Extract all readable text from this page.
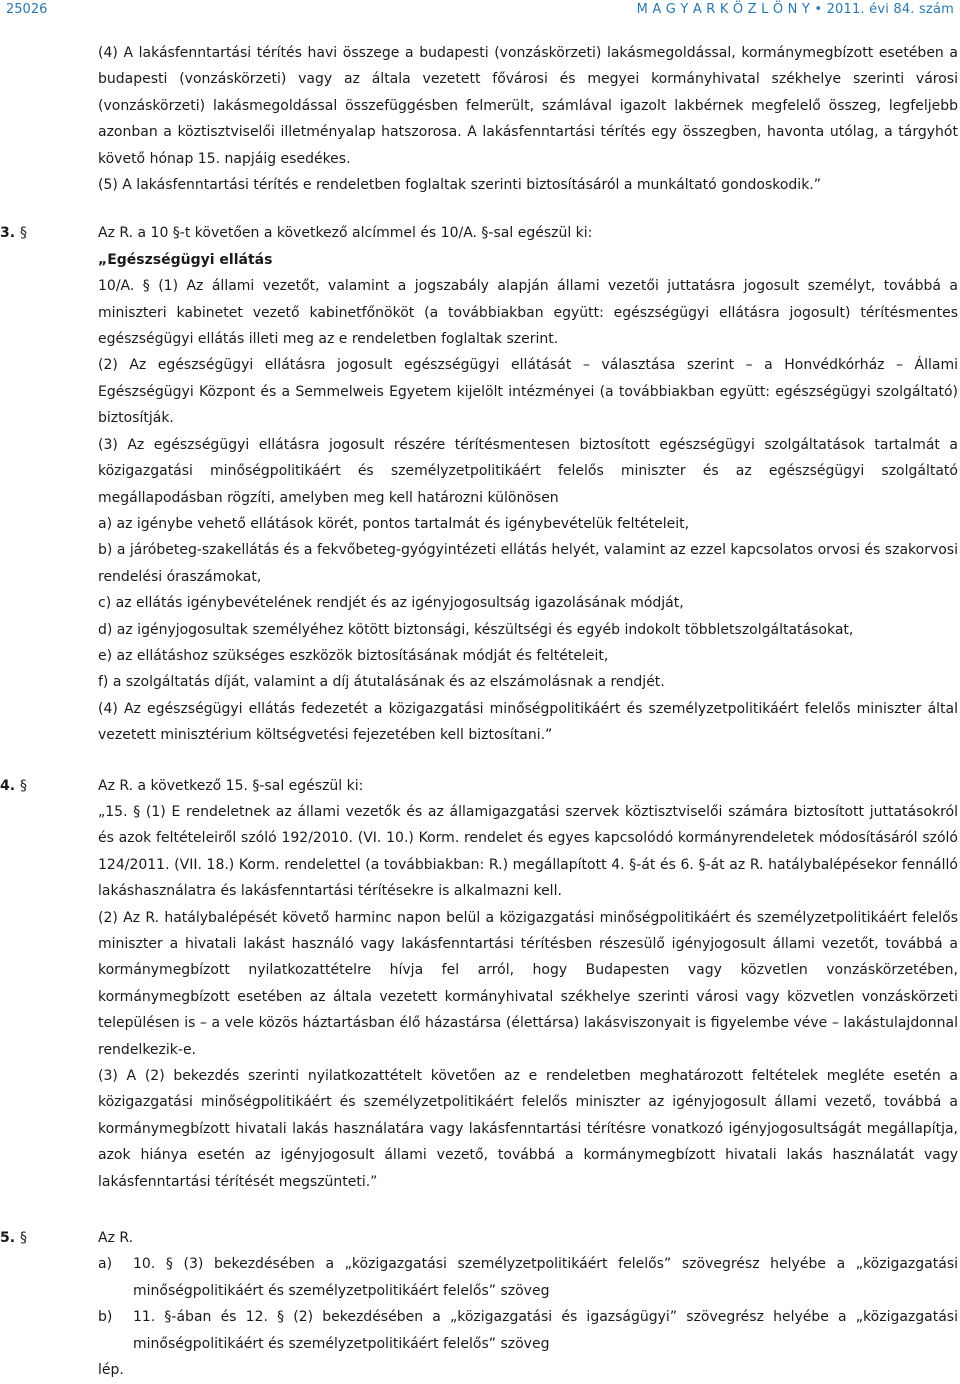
25026	M A G Y A R K Ö Z L Ö N Y • 2011. évi 84. szám

(4) A lakásfenntartási térítés havi összege a budapesti (vonzáskörzeti) lakásmegoldással, kormánymegbízott esetében a budapesti (vonzáskörzeti) vagy az általa vezetett fővárosi és megyei kormányhivatal székhelye szerinti városi (vonzáskörzeti) lakásmegoldással összefüggésben felmerült, számlával igazolt lakbérnek megfelelő összeg, legfeljebb azonban a köztisztviselői illetményalap hatszorosa. A lakásfenntartási térítés egy összegben, havonta utólag, a tárgyhót követő hónap 15. napjáig esedékes.

(5) A lakásfenntartási térítés e rendeletben foglaltak szerinti biztosításáról a munkáltató gondoskodik.”

3. §	Az R. a 10 §-t követően a következő alcímmel és 10/A. §-sal egészül ki:

„Egészségügyi ellátás

10/A. § (1) Az állami vezetőt, valamint a jogszabály alapján állami vezetői juttatásra jogosult személyt, továbbá a miniszteri kabinetet vezető kabinetfőnököt (a továbbiakban együtt: egészségügyi ellátásra jogosult) térítésmentes egészségügyi ellátás illeti meg az e rendeletben foglaltak szerint.

(2) Az egészségügyi ellátásra jogosult egészségügyi ellátását – választása szerint – a Honvédkórház – Állami Egészségügyi Központ és a Semmelweis Egyetem kijelölt intézményei (a továbbiakban együtt: egészségügyi szolgáltató) biztosítják.

(3) Az egészségügyi ellátásra jogosult részére térítésmentesen biztosított egészségügyi szolgáltatások tartalmát a közigazgatási minőségpolitikáért és személyzetpolitikáért felelős miniszter és az egészségügyi szolgáltató megállapodásban rögzíti, amelyben meg kell határozni különösen

a) az igénybe vehető ellátások körét, pontos tartalmát és igénybevételük feltételeit,

b) a járóbeteg-szakellátás és a fekvőbeteg-gyógyintézeti ellátás helyét, valamint az ezzel kapcsolatos orvosi és szakorvosi rendelési óraszámokat,

c) az ellátás igénybevételének rendjét és az igényjogosultság igazolásának módját,

d) az igényjogosultak személyéhez kötött biztonsági, készültségi és egyéb indokolt többletszolgáltatásokat,

e) az ellátáshoz szükséges eszközök biztosításának módját és feltételeit,

f) a szolgáltatás díját, valamint a díj átutalásának és az elszámolásnak a rendjét.

(4) Az egészségügyi ellátás fedezetét a közigazgatási minőségpolitikáért és személyzetpolitikáért felelős miniszter által vezetett minisztérium költségvetési fejezetében kell biztosítani.”

4. §	Az R. a következő 15. §-sal egészül ki:

„15. § (1) E rendeletnek az állami vezetők és az államigazgatási szervek köztisztviselői számára biztosított juttatásokról és azok feltételeiről szóló 192/2010. (VI. 10.) Korm. rendelet és egyes kapcsolódó kormányrendeletek módosításáról szóló 124/2011. (VII. 18.) Korm. rendelettel (a továbbiakban: R.) megállapított 4. §-át és 6. §-át az R. hatálybalépésekor fennálló lakáshasználatra és lakásfenntartási térítésekre is alkalmazni kell.

(2) Az R. hatálybalépését követő harminc napon belül a közigazgatási minőségpolitikáért és személyzetpolitikáért felelős miniszter a hivatali lakást használó vagy lakásfenntartási térítésben részesülő igényjogosult állami vezetőt, továbbá a kormánymegbízott nyilatkozattételre hívja fel arról, hogy Budapesten vagy közvetlen vonzáskörzetében, kormánymegbízott esetében az általa vezetett kormányhivatal székhelye szerinti városi vagy közvetlen vonzáskörzeti településen is – a vele közös háztartásban élő házastársa (élettársa) lakásviszonyait is figyelembe véve – lakástulajdonnal rendelkezik-e.

(3) A (2) bekezdés szerinti nyilatkozattételt követően az e rendeletben meghatározott feltételek megléte esetén a közigazgatási minőségpolitikáért és személyzetpolitikáért felelős miniszter az igényjogosult állami vezető, továbbá a kormánymegbízott hivatali lakás használatára vagy lakásfenntartási térítésre vonatkozó igényjogosultságát megállapítja, azok hiánya esetén az igényjogosult állami vezető, továbbá a kormánymegbízott hivatali lakás használatát vagy lakásfenntartási térítését megszünteti.”

5. §	Az R.
a)	10. § (3) bekezdésében a „közigazgatási személyzetpolitikáért felelős” szövegrész helyébe a „közigazgatási minőségpolitikáért és személyzetpolitikáért felelős” szöveg
b)	11. §-ában és 12. § (2) bekezdésében a „közigazgatási és igazságügyi” szövegrész helyébe a „közigazgatási minőségpolitikáért és személyzetpolitikáért felelős” szöveg

lép.
